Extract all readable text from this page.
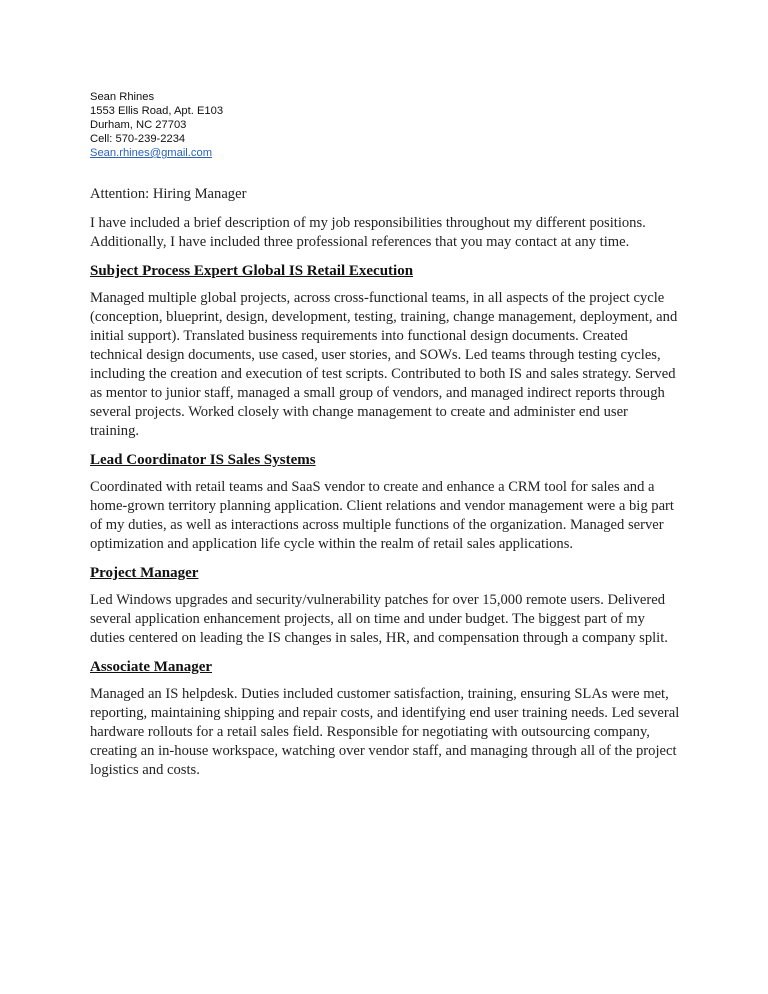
Sean Rhines
1553 Ellis Road, Apt. E103
Durham, NC 27703
Cell: 570-239-2234
Sean.rhines@gmail.com
Attention: Hiring Manager
I have included a brief description of my job responsibilities throughout my different positions. Additionally, I have included three professional references that you may contact at any time.
Subject Process Expert Global IS Retail Execution
Managed multiple global projects, across cross-functional teams, in all aspects of the project cycle (conception, blueprint, design, development, testing, training, change management, deployment, and initial support). Translated business requirements into functional design documents. Created technical design documents, use cased, user stories, and SOWs. Led teams through testing cycles, including the creation and execution of test scripts. Contributed to both IS and sales strategy. Served as mentor to junior staff, managed a small group of vendors, and managed indirect reports through several projects. Worked closely with change management to create and administer end user training.
Lead Coordinator IS Sales Systems
Coordinated with retail teams and SaaS vendor to create and enhance a CRM tool for sales and a home-grown territory planning application. Client relations and vendor management were a big part of my duties, as well as interactions across multiple functions of the organization. Managed server optimization and application life cycle within the realm of retail sales applications.
Project Manager
Led Windows upgrades and security/vulnerability patches for over 15,000 remote users. Delivered several application enhancement projects, all on time and under budget. The biggest part of my duties centered on leading the IS changes in sales, HR, and compensation through a company split.
Associate Manager
Managed an IS helpdesk. Duties included customer satisfaction, training, ensuring SLAs were met, reporting, maintaining shipping and repair costs, and identifying end user training needs. Led several hardware rollouts for a retail sales field. Responsible for negotiating with outsourcing company, creating an in-house workspace, watching over vendor staff, and managing through all of the project logistics and costs.
